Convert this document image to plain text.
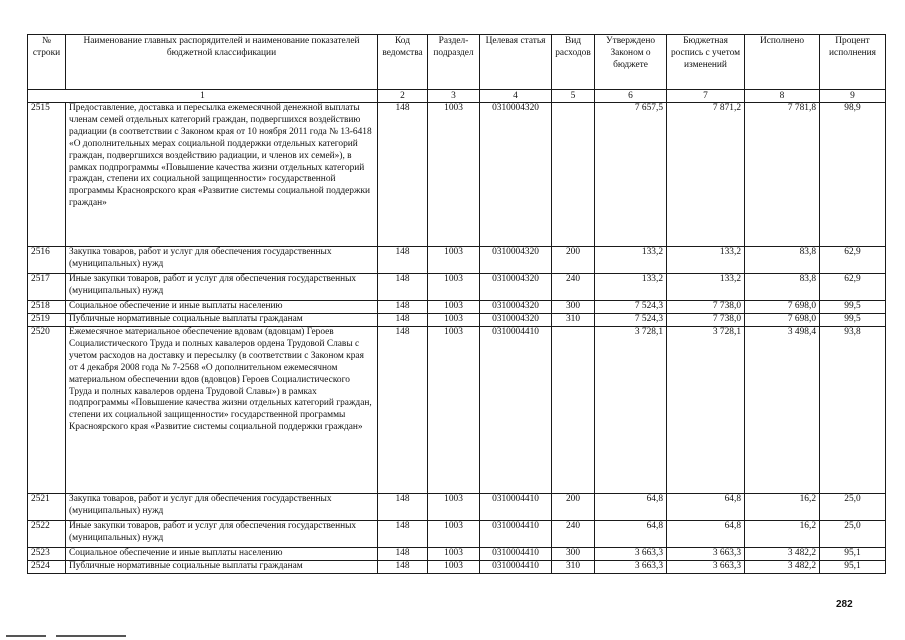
№ строки	Наименование главных распорядителей и наименование показателей бюджетной классификации	Код ведомства	Раздел-подраздел	Целевая статья	Вид расходов	Утверждено Законом о бюджете	Бюджетная роспись с учетом изменений	Исполнено	Процент исполнения
1		2	3	4	5	6	7	8	9
2515	Предоставление, доставка и пересылка ежемесячной денежной выплаты членам семей отдельных категорий граждан, подвергшихся воздействию радиации (в соответствии с Законом края от 10 ноября 2011 года № 13-6418 «О дополнительных мерах социальной поддержки отдельных категорий граждан, подвергшихся воздействию радиации, и членов их семей»), в рамках подпрограммы «Повышение качества жизни отдельных категорий граждан, степени их социальной защищенности» государственной программы Красноярского края «Развитие системы социальной поддержки граждан»	148	1003	0310004320		7 657,5	7 871,2	7 781,8	98,9
2516	Закупка товаров, работ и услуг для обеспечения государственных (муниципальных) нужд	148	1003	0310004320	200	133,2	133,2	83,8	62,9
2517	Иные закупки товаров, работ и услуг для обеспечения государственных (муниципальных) нужд	148	1003	0310004320	240	133,2	133,2	83,8	62,9
2518	Социальное обеспечение и иные выплаты населению	148	1003	0310004320	300	7 524,3	7 738,0	7 698,0	99,5
2519	Публичные нормативные социальные выплаты гражданам	148	1003	0310004320	310	7 524,3	7 738,0	7 698,0	99,5
2520	Ежемесячное материальное обеспечение вдовам (вдовцам) Героев Социалистического Труда и полных кавалеров ордена Трудовой Славы с учетом расходов на доставку и пересылку (в соответствии с Законом края от 4 декабря 2008 года № 7-2568 «О дополнительном ежемесячном материальном обеспечении вдов (вдовцов) Героев Социалистического Труда и полных кавалеров ордена Трудовой Славы») в рамках подпрограммы «Повышение качества жизни отдельных категорий граждан, степени их социальной защищенности» государственной программы Красноярского края «Развитие системы социальной поддержки граждан»	148	1003	0310004410		3 728,1	3 728,1	3 498,4	93,8
2521	Закупка товаров, работ и услуг для обеспечения государственных (муниципальных) нужд	148	1003	0310004410	200	64,8	64,8	16,2	25,0
2522	Иные закупки товаров, работ и услуг для обеспечения государственных (муниципальных) нужд	148	1003	0310004410	240	64,8	64,8	16,2	25,0
2523	Социальное обеспечение и иные выплаты населению	148	1003	0310004410	300	3 663,3	3 663,3	3 482,2	95,1
2524	Публичные нормативные социальные выплаты гражданам	148	1003	0310004410	310	3 663,3	3 663,3	3 482,2	95,1
282
